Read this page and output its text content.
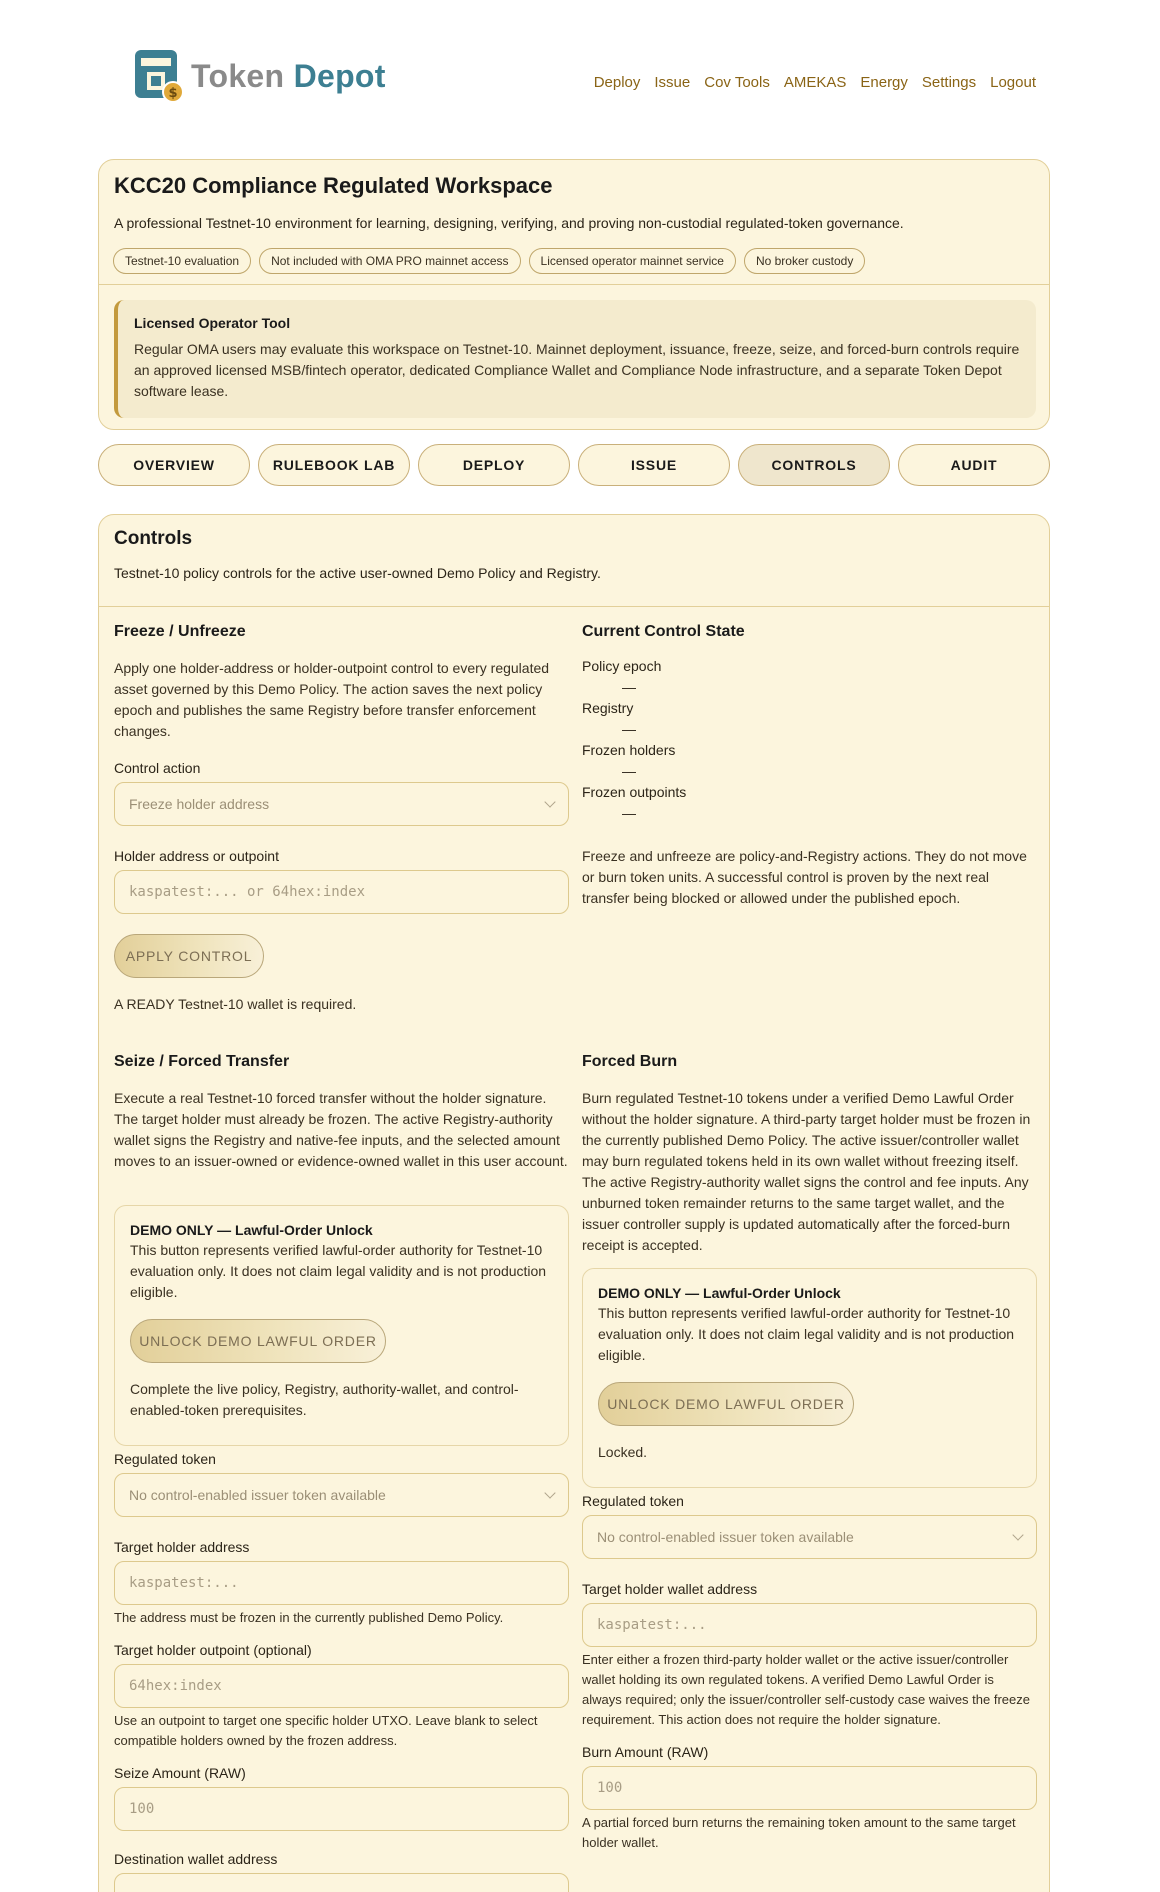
$ Token Depot	Deploy Issue Cov Tools AMEKAS Energy Settings Logout
KCC20 Compliance Regulated Workspace
A professional Testnet-10 environment for learning, designing, verifying, and proving non-custodial regulated-token governance.
Testnet-10 evaluation	Not included with OMA PRO mainnet access	Licensed operator mainnet service	No broker custody
Licensed Operator Tool

Regular OMA users may evaluate this workspace on Testnet-10. Mainnet deployment, issuance, freeze, seize, and forced-burn controls require an approved licensed MSB/fintech operator, dedicated Compliance Wallet and Compliance Node infrastructure, and a separate Token Depot software lease.

OVERVIEW	RULEBOOK LAB	DEPLOY	ISSUE	CONTROLS	AUDIT
Controls
Testnet-10 policy controls for the active user-owned Demo Policy and Registry.
Freeze / Unfreeze
Apply one holder-address or holder-outpoint control to every regulated asset governed by this Demo Policy. The action saves the next policy epoch and publishes the same Registry before transfer enforcement changes.
Control action
Freeze holder address
Holder address or outpoint
kaspatest:... or 64hex:index
APPLY CONTROL
A READY Testnet-10 wallet is required.
Current Control State
Policy epoch
—
Registry
—
Frozen holders
—
Frozen outpoints
—
Freeze and unfreeze are policy-and-Registry actions. They do not move or burn token units. A successful control is proven by the next real transfer being blocked or allowed under the published epoch.
Seize / Forced Transfer
Execute a real Testnet-10 forced transfer without the holder signature. The target holder must already be frozen. The active Registry-authority wallet signs the Registry and native-fee inputs, and the selected amount moves to an issuer-owned or evidence-owned wallet in this user account.
DEMO ONLY — Lawful-Order Unlock
This button represents verified lawful-order authority for Testnet-10 evaluation only. It does not claim legal validity and is not production eligible.
UNLOCK DEMO LAWFUL ORDER
Complete the live policy, Registry, authority-wallet, and control-enabled-token prerequisites.
Regulated token
No control-enabled issuer token available
Target holder address
kaspatest:...
The address must be frozen in the currently published Demo Policy.
Target holder outpoint (optional)
64hex:index
Use an outpoint to target one specific holder UTXO. Leave blank to select compatible holders owned by the frozen address.
Seize Amount (RAW)
100
Destination wallet address
Forced Burn
Burn regulated Testnet-10 tokens under a verified Demo Lawful Order without the holder signature. A third-party target holder must be frozen in the currently published Demo Policy. The active issuer/controller wallet may burn regulated tokens held in its own wallet without freezing itself. The active Registry-authority wallet signs the control and fee inputs. Any unburned token remainder returns to the same target wallet, and the issuer controller supply is updated automatically after the forced-burn receipt is accepted.
DEMO ONLY — Lawful-Order Unlock
This button represents verified lawful-order authority for Testnet-10 evaluation only. It does not claim legal validity and is not production eligible.
UNLOCK DEMO LAWFUL ORDER
Locked.
Regulated token
No control-enabled issuer token available
Target holder wallet address
kaspatest:...
Enter either a frozen third-party holder wallet or the active issuer/controller wallet holding its own regulated tokens. A verified Demo Lawful Order is always required; only the issuer/controller self-custody case waives the freeze requirement. This action does not require the holder signature.
Burn Amount (RAW)
100
A partial forced burn returns the remaining token amount to the same target holder wallet.
